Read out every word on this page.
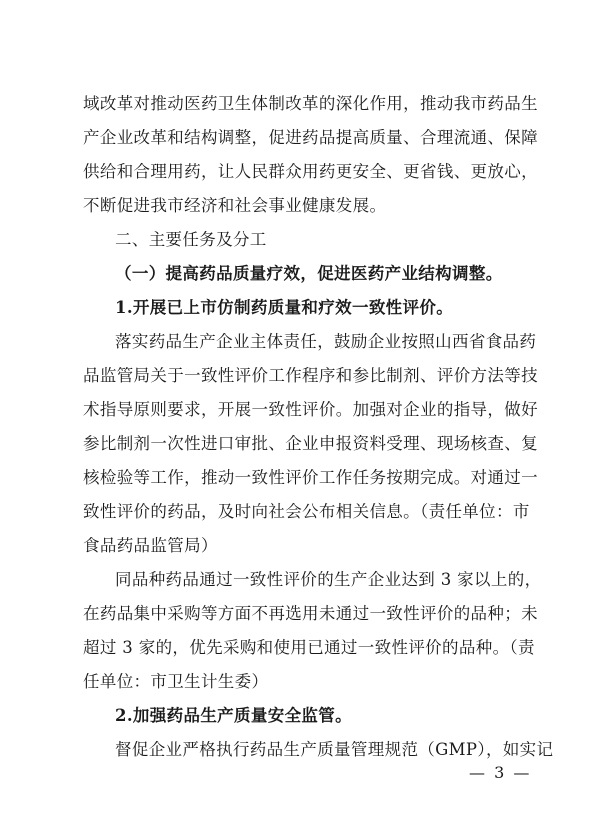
域改革对推动医药卫生体制改革的深化作用，推动我市药品生
产企业改革和结构调整，促进药品提高质量、合理流通、保障
供给和合理用药，让人民群众用药更安全、更省钱、更放心，
不断促进我市经济和社会事业健康发展。
二、主要任务及分工
（一）提高药品质量疗效，促进医药产业结构调整。
1.开展已上市仿制药质量和疗效一致性评价。
落实药品生产企业主体责任，鼓励企业按照山西省食品药
品监管局关于一致性评价工作程序和参比制剂、评价方法等技
术指导原则要求，开展一致性评价。加强对企业的指导，做好
参比制剂一次性进口审批、企业申报资料受理、现场核查、复
核检验等工作，推动一致性评价工作任务按期完成。对通过一
致性评价的药品，及时向社会公布相关信息。（责任单位：市
食品药品监管局）
同品种药品通过一致性评价的生产企业达到 3 家以上的，
在药品集中采购等方面不再选用未通过一致性评价的品种；未
超过 3 家的，优先采购和使用已通过一致性评价的品种。（责
任单位：市卫生计生委）
2.加强药品生产质量安全监管。
督促企业严格执行药品生产质量管理规范（GMP），如实记
— 3 —
